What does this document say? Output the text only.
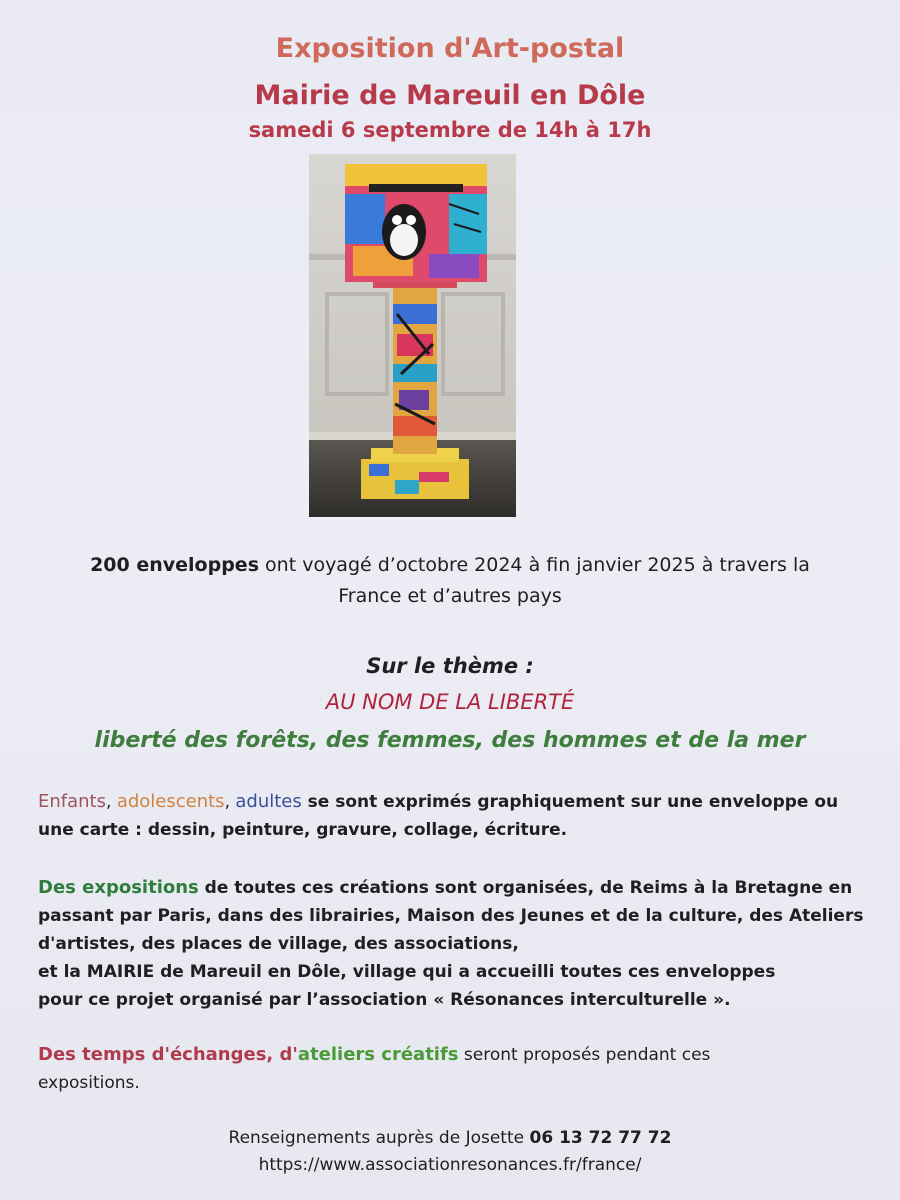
Exposition d'Art-postal
Mairie de Mareuil en Dôle
samedi 6 septembre de 14h à 17h
200 enveloppes ont voyagé d’octobre 2024 à fin janvier 2025 à travers la
France et d’autres pays
Sur le thème :
AU NOM DE LA LIBERTÉ
liberté des forêts, des femmes, des hommes et de la mer
Enfants, adolescents, adultes se sont exprimés graphiquement sur une enveloppe ou
une carte : dessin, peinture, gravure, collage, écriture.
Des expositions de toutes ces créations sont organisées, de Reims à la Bretagne en
passant par Paris, dans des librairies, Maison des Jeunes et de la culture, des Ateliers
d'artistes, des places de village, des associations,
et la MAIRIE de Mareuil en Dôle, village qui a accueilli toutes ces enveloppes
pour ce projet organisé par l’association « Résonances interculturelle ».
Des temps d'échanges, d'ateliers créatifs seront proposés pendant ces
expositions.
Renseignements auprès de Josette 06 13 72 77 72
https://www.associationresonances.fr/france/
